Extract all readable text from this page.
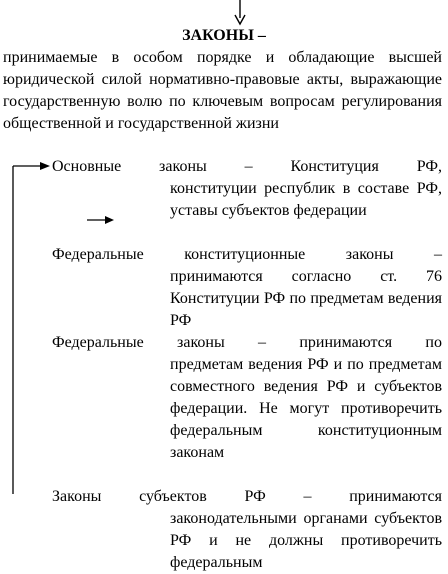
ЗАКОНЫ –
принимаемые в особом порядке и обладающие высшей юридической силой нормативно-правовые акты, выражающие государственную волю по ключевым вопросам регулирования общественной и государственной жизни
Основные законы – Конституция РФ,
конституции республик в составе РФ, уставы субъектов федерации
Федеральные конституционные законы –
принимаются согласно ст. 76 Конституции РФ по предметам ведения РФ
Федеральные законы – принимаются по
предметам ведения РФ и по предметам совместного ведения РФ и субъектов федерации. Не могут противоречить федеральным конституционным законам
Законы субъектов РФ – принимаются
законодательными органами субъектов РФ и не должны противоречить федеральным
